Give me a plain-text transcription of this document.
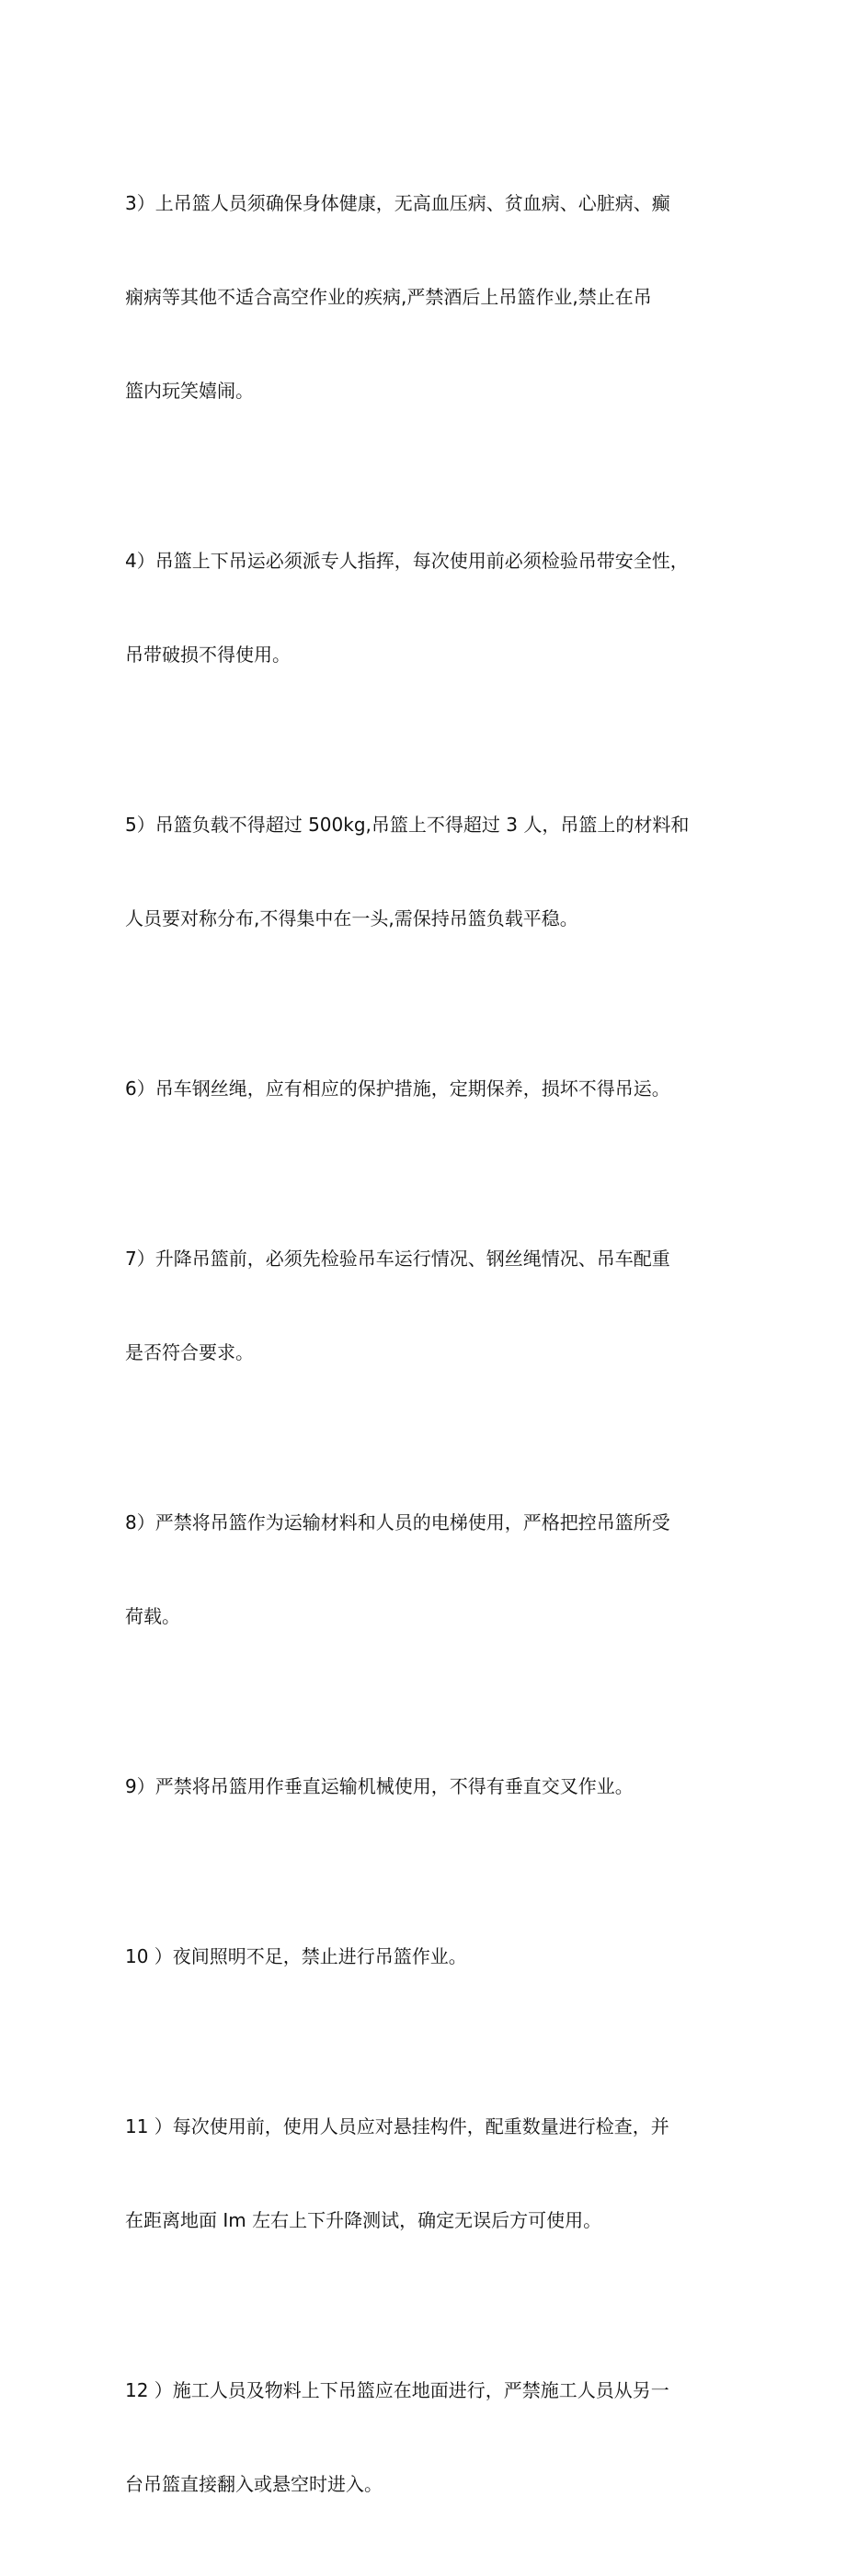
3）上吊篮人员须确保身体健康，无高血压病、贫血病、心脏病、癫

痫病等其他不适合高空作业的疾病,严禁酒后上吊篮作业,禁止在吊

篮内玩笑嬉闹。

4）吊篮上下吊运必须派专人指挥，每次使用前必须检验吊带安全性，

吊带破损不得使用。

5）吊篮负载不得超过 500kg,吊篮上不得超过 3 人，吊篮上的材料和

人员要对称分布,不得集中在一头,需保持吊篮负载平稳。

6）吊车钢丝绳，应有相应的保护措施，定期保养，损坏不得吊运。

7）升降吊篮前，必须先检验吊车运行情况、钢丝绳情况、吊车配重

是否符合要求。

8）严禁将吊篮作为运输材料和人员的电梯使用，严格把控吊篮所受

荷载。

9）严禁将吊篮用作垂直运输机械使用，不得有垂直交叉作业。

10 ）夜间照明不足，禁止进行吊篮作业。

11 ）每次使用前，使用人员应对悬挂构件，配重数量进行检查，并

在距离地面 Im 左右上下升降测试，确定无误后方可使用。

12 ）施工人员及物料上下吊篮应在地面进行，严禁施工人员从另一

台吊篮直接翻入或悬空时进入。
